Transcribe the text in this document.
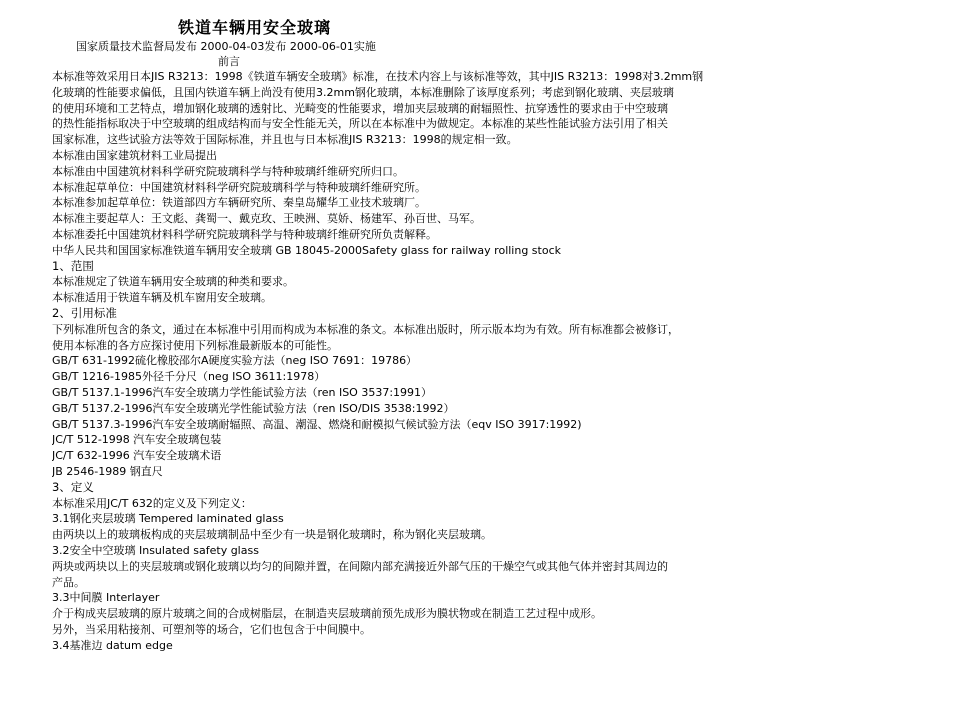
铁道车辆用安全玻璃
国家质量技术监督局发布 2000-04-03发布 2000-06-01实施
前言
本标准等效采用日本JIS R3213：1998《铁道车辆安全玻璃》标准，在技术内容上与该标准等效，其中JIS R3213：1998对3.2mm钢
化玻璃的性能要求偏低，且国内铁道车辆上尚没有使用3.2mm钢化玻璃，本标准删除了该厚度系列；考虑到钢化玻璃、夹层玻璃
的使用环境和工艺特点，增加钢化玻璃的透射比、光畸变的性能要求，增加夹层玻璃的耐辐照性、抗穿透性的要求由于中空玻璃
的热性能指标取决于中空玻璃的组成结构而与安全性能无关，所以在本标准中为做规定。本标准的某些性能试验方法引用了相关
国家标准，这些试验方法等效于国际标准，并且也与日本标准JIS R3213：1998的规定相一致。
本标准由国家建筑材料工业局提出
本标准由中国建筑材料科学研究院玻璃科学与特种玻璃纤维研究所归口。
本标准起草单位：中国建筑材料科学研究院玻璃科学与特种玻璃纤维研究所。
本标准参加起草单位：铁道部四方车辆研究所、秦皇岛耀华工业技术玻璃厂。
本标准主要起草人：王文彪、龚蜀一、戴克玫、王映洲、莫娇、杨建军、孙百世、马军。
本标准委托中国建筑材料科学研究院玻璃科学与特种玻璃纤维研究所负责解释。
中华人民共和国国家标准铁道车辆用安全玻璃 GB 18045-2000Safety glass for railway rolling stock
1、范围
本标准规定了铁道车辆用安全玻璃的种类和要求。
本标准适用于铁道车辆及机车窗用安全玻璃。
2、引用标准
下列标准所包含的条文，通过在本标准中引用而构成为本标准的条文。本标准出版时，所示版本均为有效。所有标准都会被修订，
使用本标准的各方应探讨使用下列标准最新版本的可能性。
GB/T 631-1992硫化橡胶邵尔A硬度实验方法（neg ISO 7691：19786）
GB/T 1216-1985外径千分尺（neg ISO 3611:1978）
GB/T 5137.1-1996汽车安全玻璃力学性能试验方法（ren ISO 3537:1991）
GB/T 5137.2-1996汽车安全玻璃光学性能试验方法（ren ISO/DIS 3538:1992）
GB/T 5137.3-1996汽车安全玻璃耐辐照、高温、潮湿、燃烧和耐模拟气候试验方法（eqv ISO 3917:1992)
JC/T 512-1998 汽车安全玻璃包装
JC/T 632-1996 汽车安全玻璃术语
JB 2546-1989 钢直尺
3、定义
本标准采用JC/T 632的定义及下列定义：
3.1钢化夹层玻璃 Tempered laminated glass
由两块以上的玻璃板构成的夹层玻璃制品中至少有一块是钢化玻璃时，称为钢化夹层玻璃。
3.2安全中空玻璃 Insulated safety glass
两块或两块以上的夹层玻璃或钢化玻璃以均匀的间隙并置，在间隙内部充满接近外部气压的干燥空气或其他气体并密封其周边的
产品。
3.3中间膜 Interlayer
介于构成夹层玻璃的原片玻璃之间的合成树脂层，在制造夹层玻璃前预先成形为膜状物或在制造工艺过程中成形。
另外，当采用粘接剂、可塑剂等的场合，它们也包含于中间膜中。
3.4基准边 datum edge
